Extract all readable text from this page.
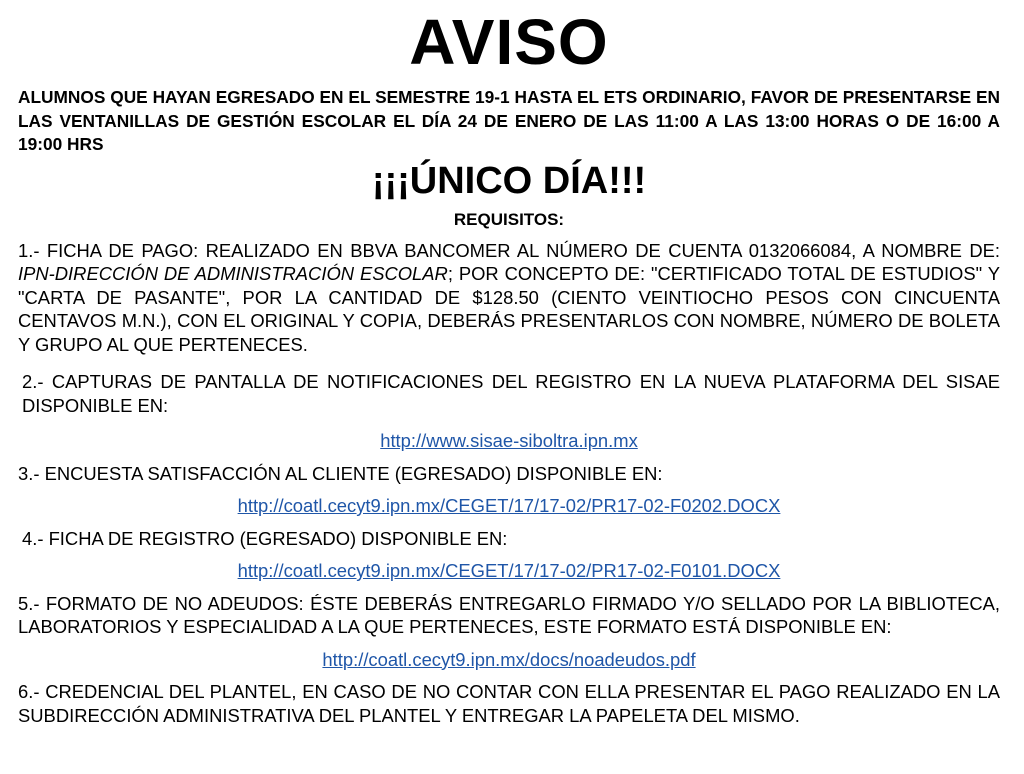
AVISO

ALUMNOS QUE HAYAN EGRESADO EN EL SEMESTRE 19-1 HASTA EL ETS ORDINARIO, FAVOR DE PRESENTARSE EN LAS VENTANILLAS DE GESTIÓN ESCOLAR EL DÍA 24 DE ENERO DE LAS 11:00 A LAS 13:00 HORAS O DE 16:00 A 19:00 HRS

¡¡¡ÚNICO DÍA!!!
REQUISITOS:

1.- FICHA DE PAGO: REALIZADO EN BBVA BANCOMER AL NÚMERO DE CUENTA 0132066084, A NOMBRE DE: IPN-DIRECCIÓN DE ADMINISTRACIÓN ESCOLAR; POR CONCEPTO DE: "CERTIFICADO TOTAL DE ESTUDIOS" Y "CARTA DE PASANTE", POR LA CANTIDAD DE $128.50 (CIENTO VEINTIOCHO PESOS CON CINCUENTA CENTAVOS M.N.), CON EL ORIGINAL Y COPIA, DEBERÁS PRESENTARLOS CON NOMBRE, NÚMERO DE BOLETA Y GRUPO AL QUE PERTENECES.

2.- CAPTURAS DE PANTALLA DE NOTIFICACIONES DEL REGISTRO EN LA NUEVA PLATAFORMA DEL SISAE DISPONIBLE EN:

http://www.sisae-siboltra.ipn.mx

3.- ENCUESTA SATISFACCIÓN AL CLIENTE (EGRESADO) DISPONIBLE EN:

http://coatl.cecyt9.ipn.mx/CEGET/17/17-02/PR17-02-F0202.DOCX

4.- FICHA DE REGISTRO (EGRESADO) DISPONIBLE EN:

http://coatl.cecyt9.ipn.mx/CEGET/17/17-02/PR17-02-F0101.DOCX

5.- FORMATO DE NO ADEUDOS: ÉSTE DEBERÁS ENTREGARLO FIRMADO Y/O SELLADO POR LA BIBLIOTECA, LABORATORIOS Y ESPECIALIDAD A LA QUE PERTENECES, ESTE FORMATO ESTÁ DISPONIBLE EN:

http://coatl.cecyt9.ipn.mx/docs/noadeudos.pdf

6.- CREDENCIAL DEL PLANTEL, EN CASO DE NO CONTAR CON ELLA PRESENTAR EL PAGO REALIZADO EN LA SUBDIRECCIÓN ADMINISTRATIVA DEL PLANTEL Y ENTREGAR LA PAPELETA DEL MISMO.
